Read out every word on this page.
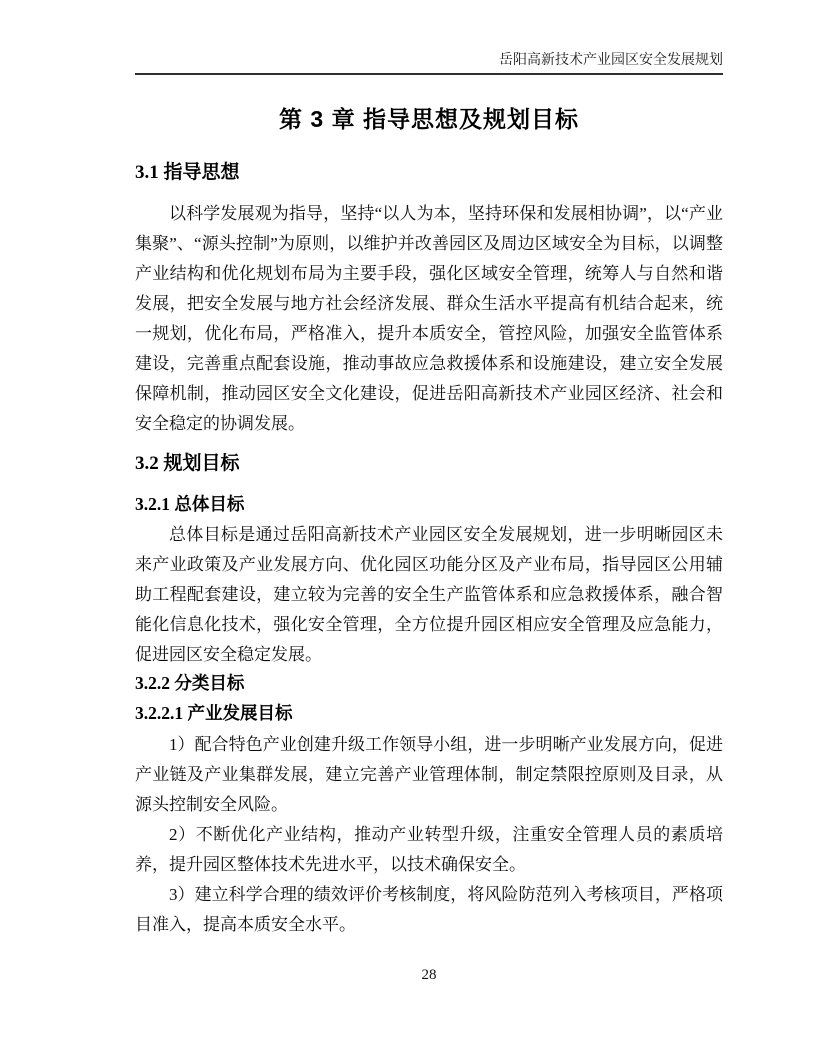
岳阳高新技术产业园区安全发展规划
第 3 章 指导思想及规划目标
3.1 指导思想

以科学发展观为指导，坚持“以人为本，坚持环保和发展相协调”，以“产业集聚”、“源头控制”为原则，以维护并改善园区及周边区域安全为目标，以调整产业结构和优化规划布局为主要手段，强化区域安全管理，统筹人与自然和谐发展，把安全发展与地方社会经济发展、群众生活水平提高有机结合起来，统一规划，优化布局，严格准入，提升本质安全，管控风险，加强安全监管体系建设，完善重点配套设施，推动事故应急救援体系和设施建设，建立安全发展保障机制，推动园区安全文化建设，促进岳阳高新技术产业园区经济、社会和安全稳定的协调发展。

3.2 规划目标
3.2.1 总体目标

总体目标是通过岳阳高新技术产业园区安全发展规划，进一步明晰园区未来产业政策及产业发展方向、优化园区功能分区及产业布局，指导园区公用辅助工程配套建设，建立较为完善的安全生产监管体系和应急救援体系，融合智能化信息化技术，强化安全管理，全方位提升园区相应安全管理及应急能力，促进园区安全稳定发展。

3.2.2 分类目标
3.2.2.1 产业发展目标

1）配合特色产业创建升级工作领导小组，进一步明晰产业发展方向，促进产业链及产业集群发展，建立完善产业管理体制，制定禁限控原则及目录，从源头控制安全风险。

2）不断优化产业结构，推动产业转型升级，注重安全管理人员的素质培养，提升园区整体技术先进水平，以技术确保安全。

3）建立科学合理的绩效评价考核制度，将风险防范列入考核项目，严格项目准入，提高本质安全水平。

28
